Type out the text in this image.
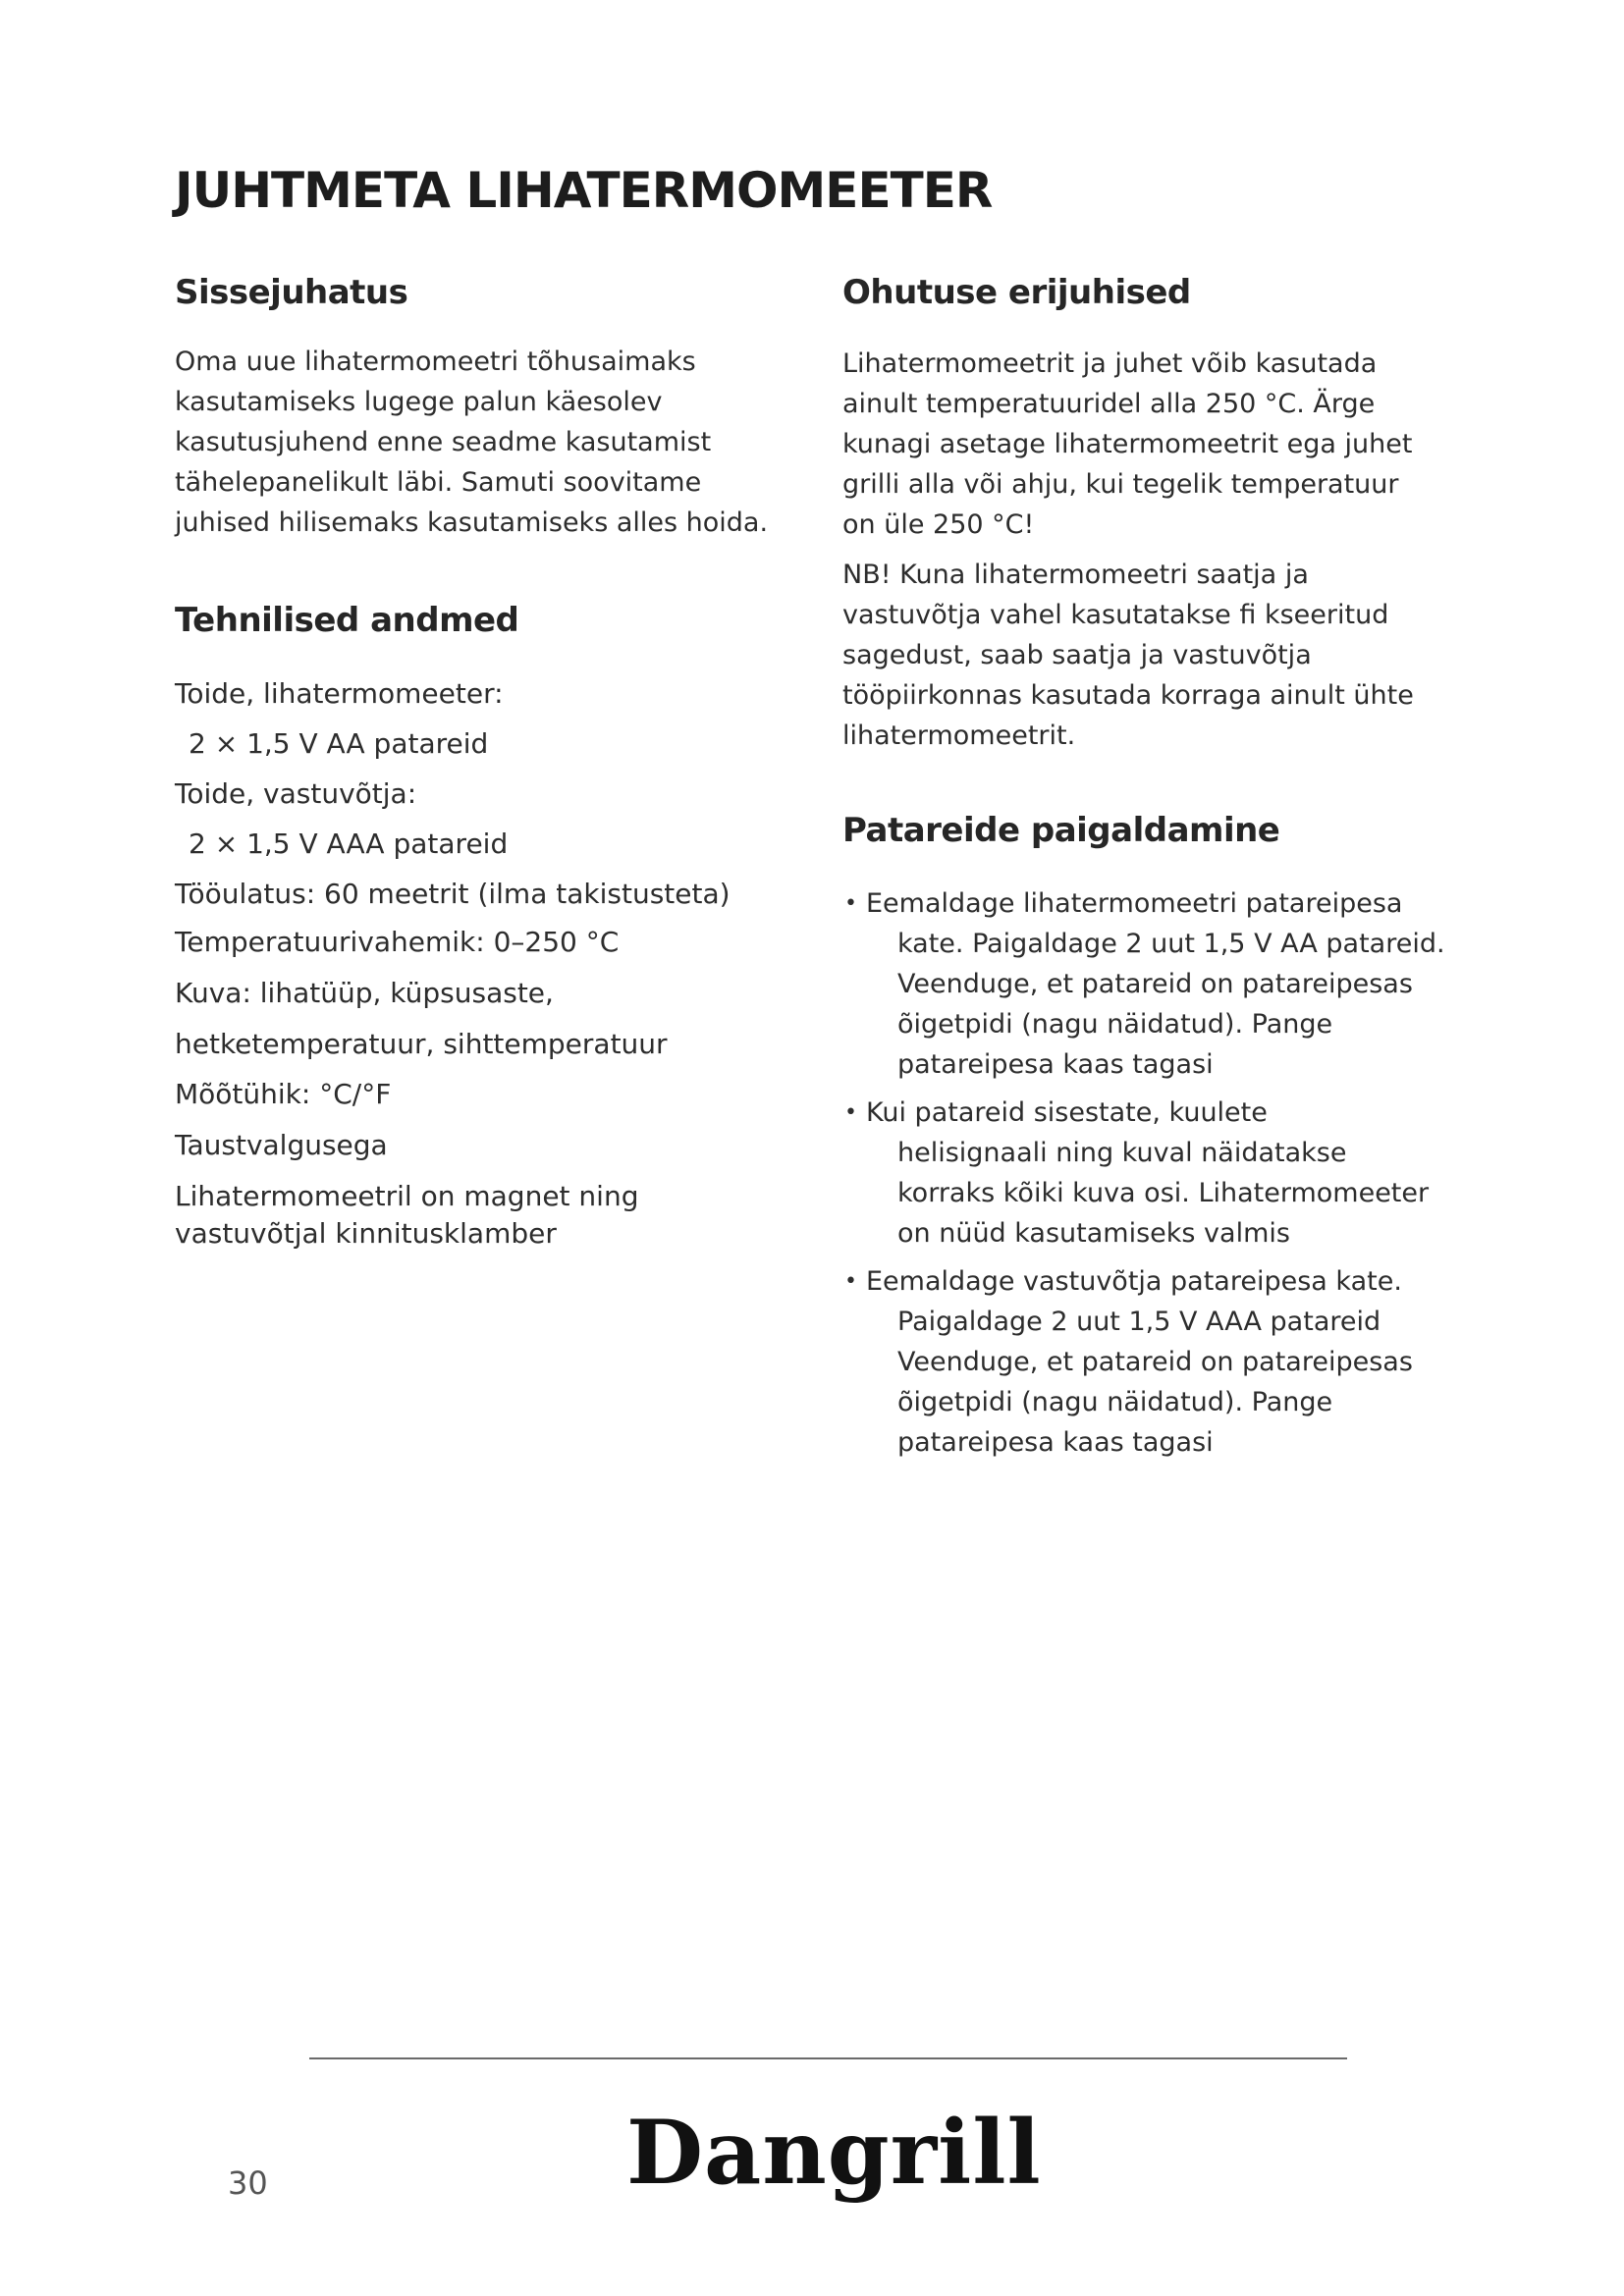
JUHTMETA LIHATERMOMEETER
Sissejuhatus

Oma uue lihatermomeetri tõhusaimaks
kasutamiseks lugege palun käesolev
kasutusjuhend enne seadme kasutamist
tähelepanelikult läbi. Samuti soovitame
juhised hilisemaks kasutamiseks alles hoida.

Tehnilised andmed
Toide, lihatermomeeter:
2 × 1,5 V AA patareid
Toide, vastuvõtja:
2 × 1,5 V AAA patareid
Tööulatus: 60 meetrit (ilma takistusteta)
Temperatuurivahemik: 0–250 °C
Kuva: lihatüüp, küpsusaste,
hetketemperatuur, sihttemperatuur
Mõõtühik: °C/°F
Taustvalgusega
Lihatermomeetril on magnet ning
vastuvõtjal kinnitusklamber
Ohutuse erijuhised

Lihatermomeetrit ja juhet võib kasutada
ainult temperatuuridel alla 250 °C. Ärge
kunagi asetage lihatermomeetrit ega juhet
grilli alla või ahju, kui tegelik temperatuur
on üle 250 °C!

NB! Kuna lihatermomeetri saatja ja
vastuvõtja vahel kasutatakse fi kseeritud
sagedust, saab saatja ja vastuvõtja
tööpiirkonnas kasutada korraga ainult ühte
lihatermomeetrit.

Patareide paigaldamine
• Eemaldage lihatermomeetri patareipesa
kate. Paigaldage 2 uut 1,5 V AA patareid.
Veenduge, et patareid on patareipesas
õigetpidi (nagu näidatud). Pange
patareipesa kaas tagasi
• Kui patareid sisestate, kuulete
helisignaali ning kuval näidatakse
korraks kõiki kuva osi. Lihatermomeeter
on nüüd kasutamiseks valmis
• Eemaldage vastuvõtja patareipesa kate.
Paigaldage 2 uut 1,5 V AAA patareid
Veenduge, et patareid on patareipesas
õigetpidi (nagu näidatud). Pange
patareipesa kaas tagasi
30	Dangrill
